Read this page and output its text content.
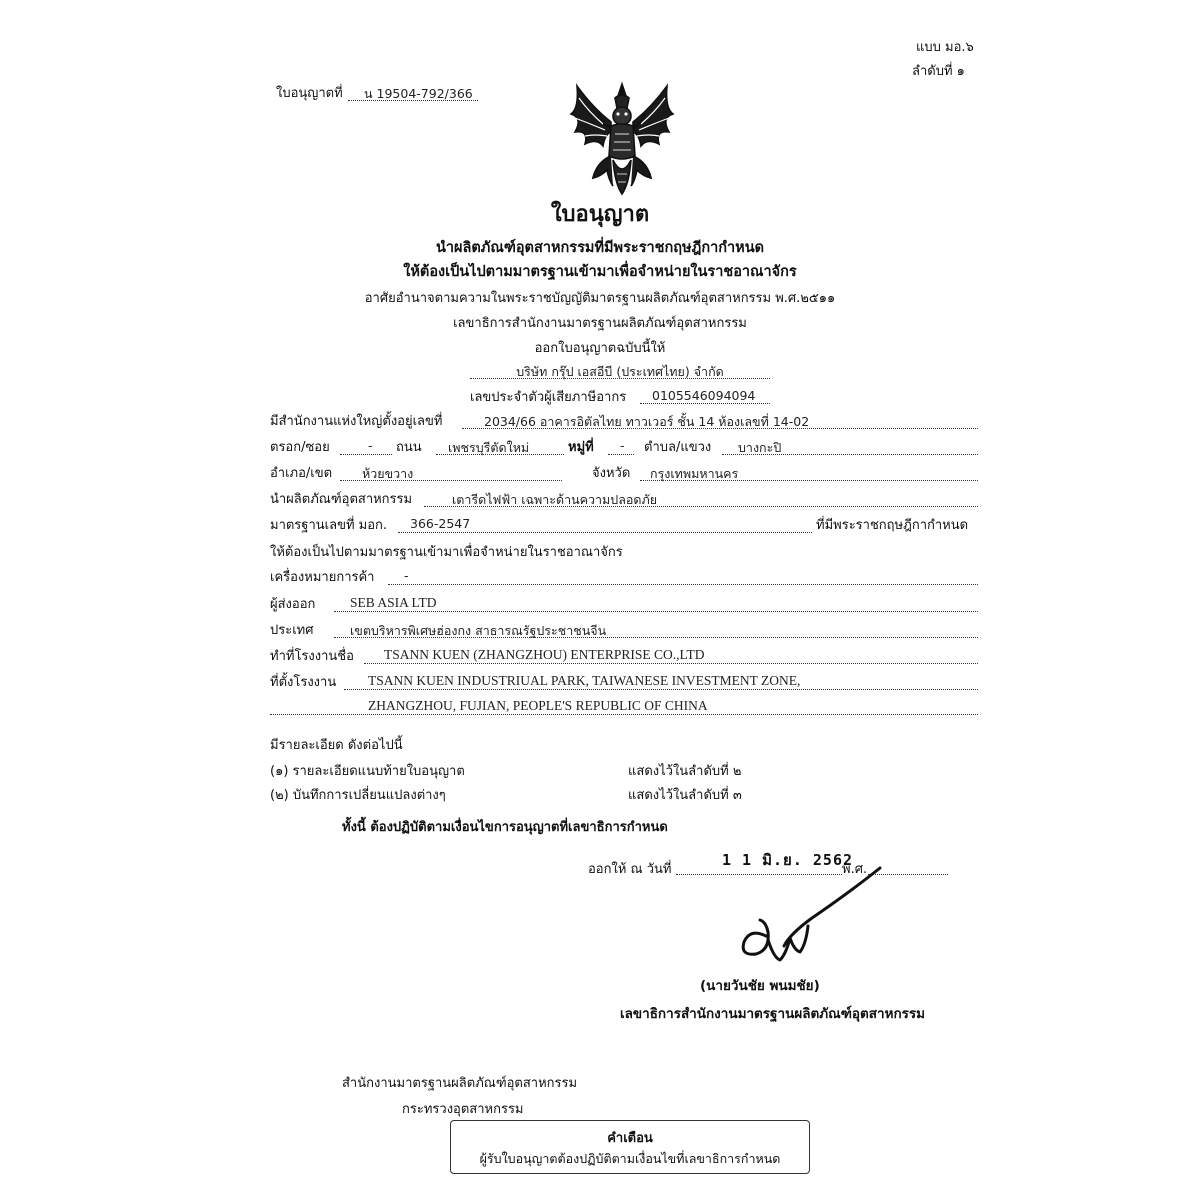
แบบ มอ.๖
ลำดับที่ ๑
ใบอนุญาตที่ น 19504-792/366
ใบอนุญาต
นำผลิตภัณฑ์อุตสาหกรรมที่มีพระราชกฤษฎีกากำหนด
ให้ต้องเป็นไปตามมาตรฐานเข้ามาเพื่อจำหน่ายในราชอาณาจักร
อาศัยอำนาจตามความในพระราชบัญญัติมาตรฐานผลิตภัณฑ์อุตสาหกรรม พ.ศ.๒๕๑๑
เลขาธิการสำนักงานมาตรฐานผลิตภัณฑ์อุตสาหกรรม
ออกใบอนุญาตฉบับนี้ให้
บริษัท กรุ๊ป เอสอีบี (ประเทศไทย) จำกัด
เลขประจำตัวผู้เสียภาษีอากร 0105546094094
มีสำนักงานแห่งใหญ่ตั้งอยู่เลขที่	2034/66 อาคารอิตัลไทย ทาวเวอร์ ชั้น 14 ห้องเลขที่ 14-02
ตรอก/ซอย	- ถนน เพชรบุรีตัดใหม่	หมู่ที่ - ตำบล/แขวง บางกะปิ
อำเภอ/เขต ห้วยขวาง	จังหวัด กรุงเทพมหานคร
นำผลิตภัณฑ์อุตสาหกรรม	เตารีดไฟฟ้า เฉพาะด้านความปลอดภัย
มาตรฐานเลขที่ มอก. 366-2547	ที่มีพระราชกฤษฎีกากำหนด
ให้ต้องเป็นไปตามมาตรฐานเข้ามาเพื่อจำหน่ายในราชอาณาจักร
เครื่องหมายการค้า -
ผู้ส่งออก	SEB ASIA LTD
ประเทศ	เขตบริหารพิเศษฮ่องกง สาธารณรัฐประชาชนจีน
ทำที่โรงงานชื่อ TSANN KUEN (ZHANGZHOU) ENTERPRISE CO.,LTD
ที่ตั้งโรงงาน TSANN KUEN INDUSTRIUAL PARK, TAIWANESE INVESTMENT ZONE,
ZHANGZHOU, FUJIAN, PEOPLE'S REPUBLIC OF CHINA
มีรายละเอียด ดังต่อไปนี้
(๑) รายละเอียดแนบท้ายใบอนุญาต	แสดงไว้ในลำดับที่ ๒
(๒) บันทึกการเปลี่ยนแปลงต่างๆ	แสดงไว้ในลำดับที่ ๓
ทั้งนี้ ต้องปฏิบัติตามเงื่อนไขการอนุญาตที่เลขาธิการกำหนด
ออกให้ ณ วันที่
1 1 มิ.ย. 2562
พ.ศ.
(นายวันชัย พนมชัย)
เลขาธิการสำนักงานมาตรฐานผลิตภัณฑ์อุตสาหกรรม
สำนักงานมาตรฐานผลิตภัณฑ์อุตสาหกรรม
กระทรวงอุตสาหกรรม
คำเตือน
ผู้รับใบอนุญาตต้องปฏิบัติตามเงื่อนไขที่เลขาธิการกำหนด
